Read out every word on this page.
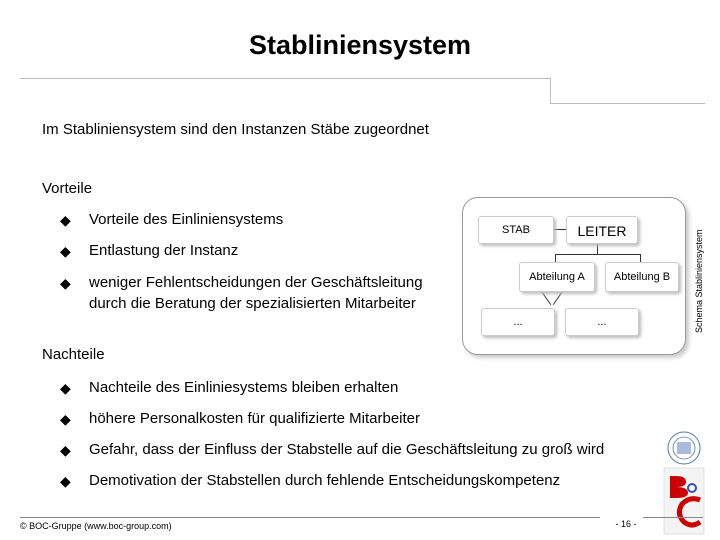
Stabliniensystem
Im Stabliniensystem sind den Instanzen Stäbe zugeordnet
Vorteile
◆ Vorteile des Einliniensystems
◆ Entlastung der Instanz
◆ weniger Fehlentscheidungen der Geschäftsleitung durch die Beratung der spezialisierten Mitarbeiter
STAB	LEITER
Abteilung A	Abteilung B
...	...	Schema Stabliniensystem
Nachteile
◆ Nachteile des Einliniesystems bleiben erhalten
◆ höhere Personalkosten für qualifizierte Mitarbeiter
◆ Gefahr, dass der Einfluss der Stabstelle auf die Geschäftsleitung zu groß wird
◆ Demotivation der Stabstellen durch fehlende Entscheidungskompetenz
© BOC-Gruppe (www.boc-group.com)	- 16 -
